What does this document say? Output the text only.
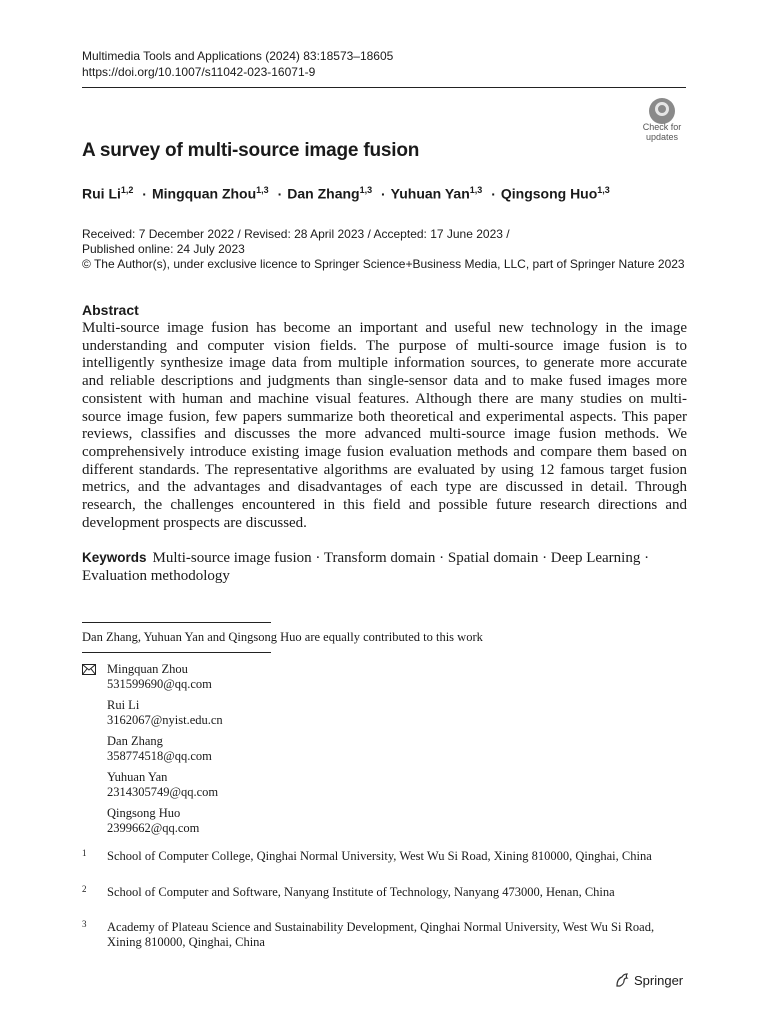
Multimedia Tools and Applications (2024) 83:18573–18605
https://doi.org/10.1007/s11042-023-16071-9
Check for
updates
A survey of multi-source image fusion
Rui Li$^{1,2}$ · Mingquan Zhou$^{1,3}$ · Dan Zhang$^{1,3}$ · Yuhuan Yan$^{1,3}$ · Qingsong Huo$^{1,3}$
Received: 7 December 2022 / Revised: 28 April 2023 / Accepted: 17 June 2023 /
Published online: 24 July 2023
© The Author(s), under exclusive licence to Springer Science+Business Media, LLC, part of Springer Nature 2023
Abstract
Multi-source image fusion has become an important and useful new technology in the image understanding and computer vision fields. The purpose of multi-source image fusion is to intelligently synthesize image data from multiple information sources, to generate more accurate and reliable descriptions and judgments than single-sensor data and to make fused images more consistent with human and machine visual features. Although there are many studies on multi-source image fusion, few papers summarize both theoretical and experimental aspects. This paper reviews, classifies and discusses the more advanced multi-source image fusion methods. We comprehensively introduce existing image fusion evaluation methods and compare them based on different standards. The representative algorithms are evaluated by using 12 famous target fusion metrics, and the advantages and disadvantages of each type are discussed in detail. Through research, the challenges encountered in this field and possible future research directions and development prospects are discussed.
Keywords Multi-source image fusion · Transform domain · Spatial domain · Deep Learning · Evaluation methodology
Dan Zhang, Yuhuan Yan and Qingsong Huo are equally contributed to this work
Mingquan Zhou
531599690@qq.com
Rui Li
3162067@nyist.edu.cn
Dan Zhang
358774518@qq.com
Yuhuan Yan
2314305749@qq.com
Qingsong Huo
2399662@qq.com
1 School of Computer College, Qinghai Normal University, West Wu Si Road, Xining 810000, Qinghai, China
2 School of Computer and Software, Nanyang Institute of Technology, Nanyang 473000, Henan, China
3 Academy of Plateau Science and Sustainability Development, Qinghai Normal University, West Wu Si Road, Xining 810000, Qinghai, China
Springer
